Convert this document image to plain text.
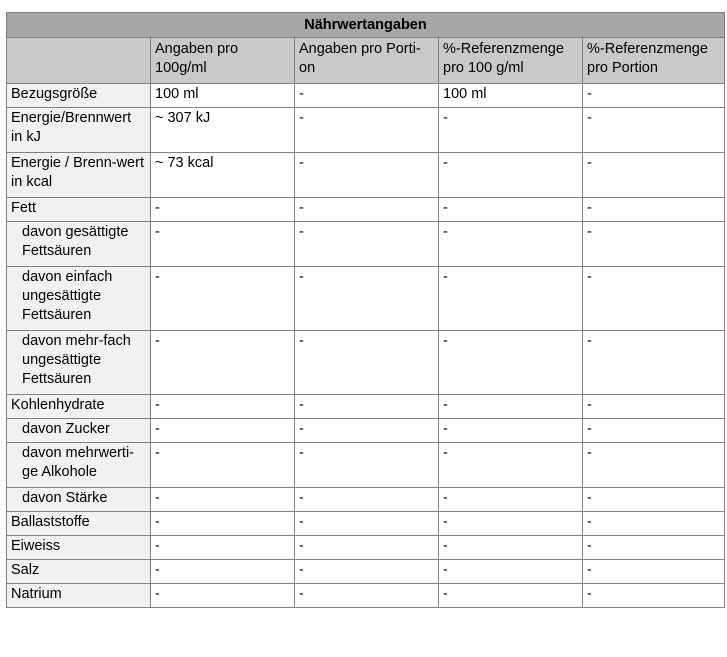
Nährwertangaben				
	Angaben pro 100g/ml	Angaben pro Porti-on	%-Referenzmenge pro 100 g/ml	%-Referenzmenge pro Portion
Bezugsgröße	100 ml	-	100 ml	-
Energie/Brennwert in kJ	~ 307 kJ	-	-	-
Energie / Brenn-wert in kcal	~ 73 kcal	-	-	-
Fett	-	-	-	-
davon gesättigte Fettsäuren	-	-	-	-
davon einfach ungesättigte Fettsäuren	-	-	-	-
davon mehr-fach ungesättigte Fettsäuren	-	-	-	-
Kohlenhydrate	-	-	-	-
davon Zucker	-	-	-	-
davon mehrwerti-ge Alkohole	-	-	-	-
davon Stärke	-	-	-	-
Ballaststoffe	-	-	-	-
Eiweiss	-	-	-	-
Salz	-	-	-	-
Natrium	-	-	-	-
